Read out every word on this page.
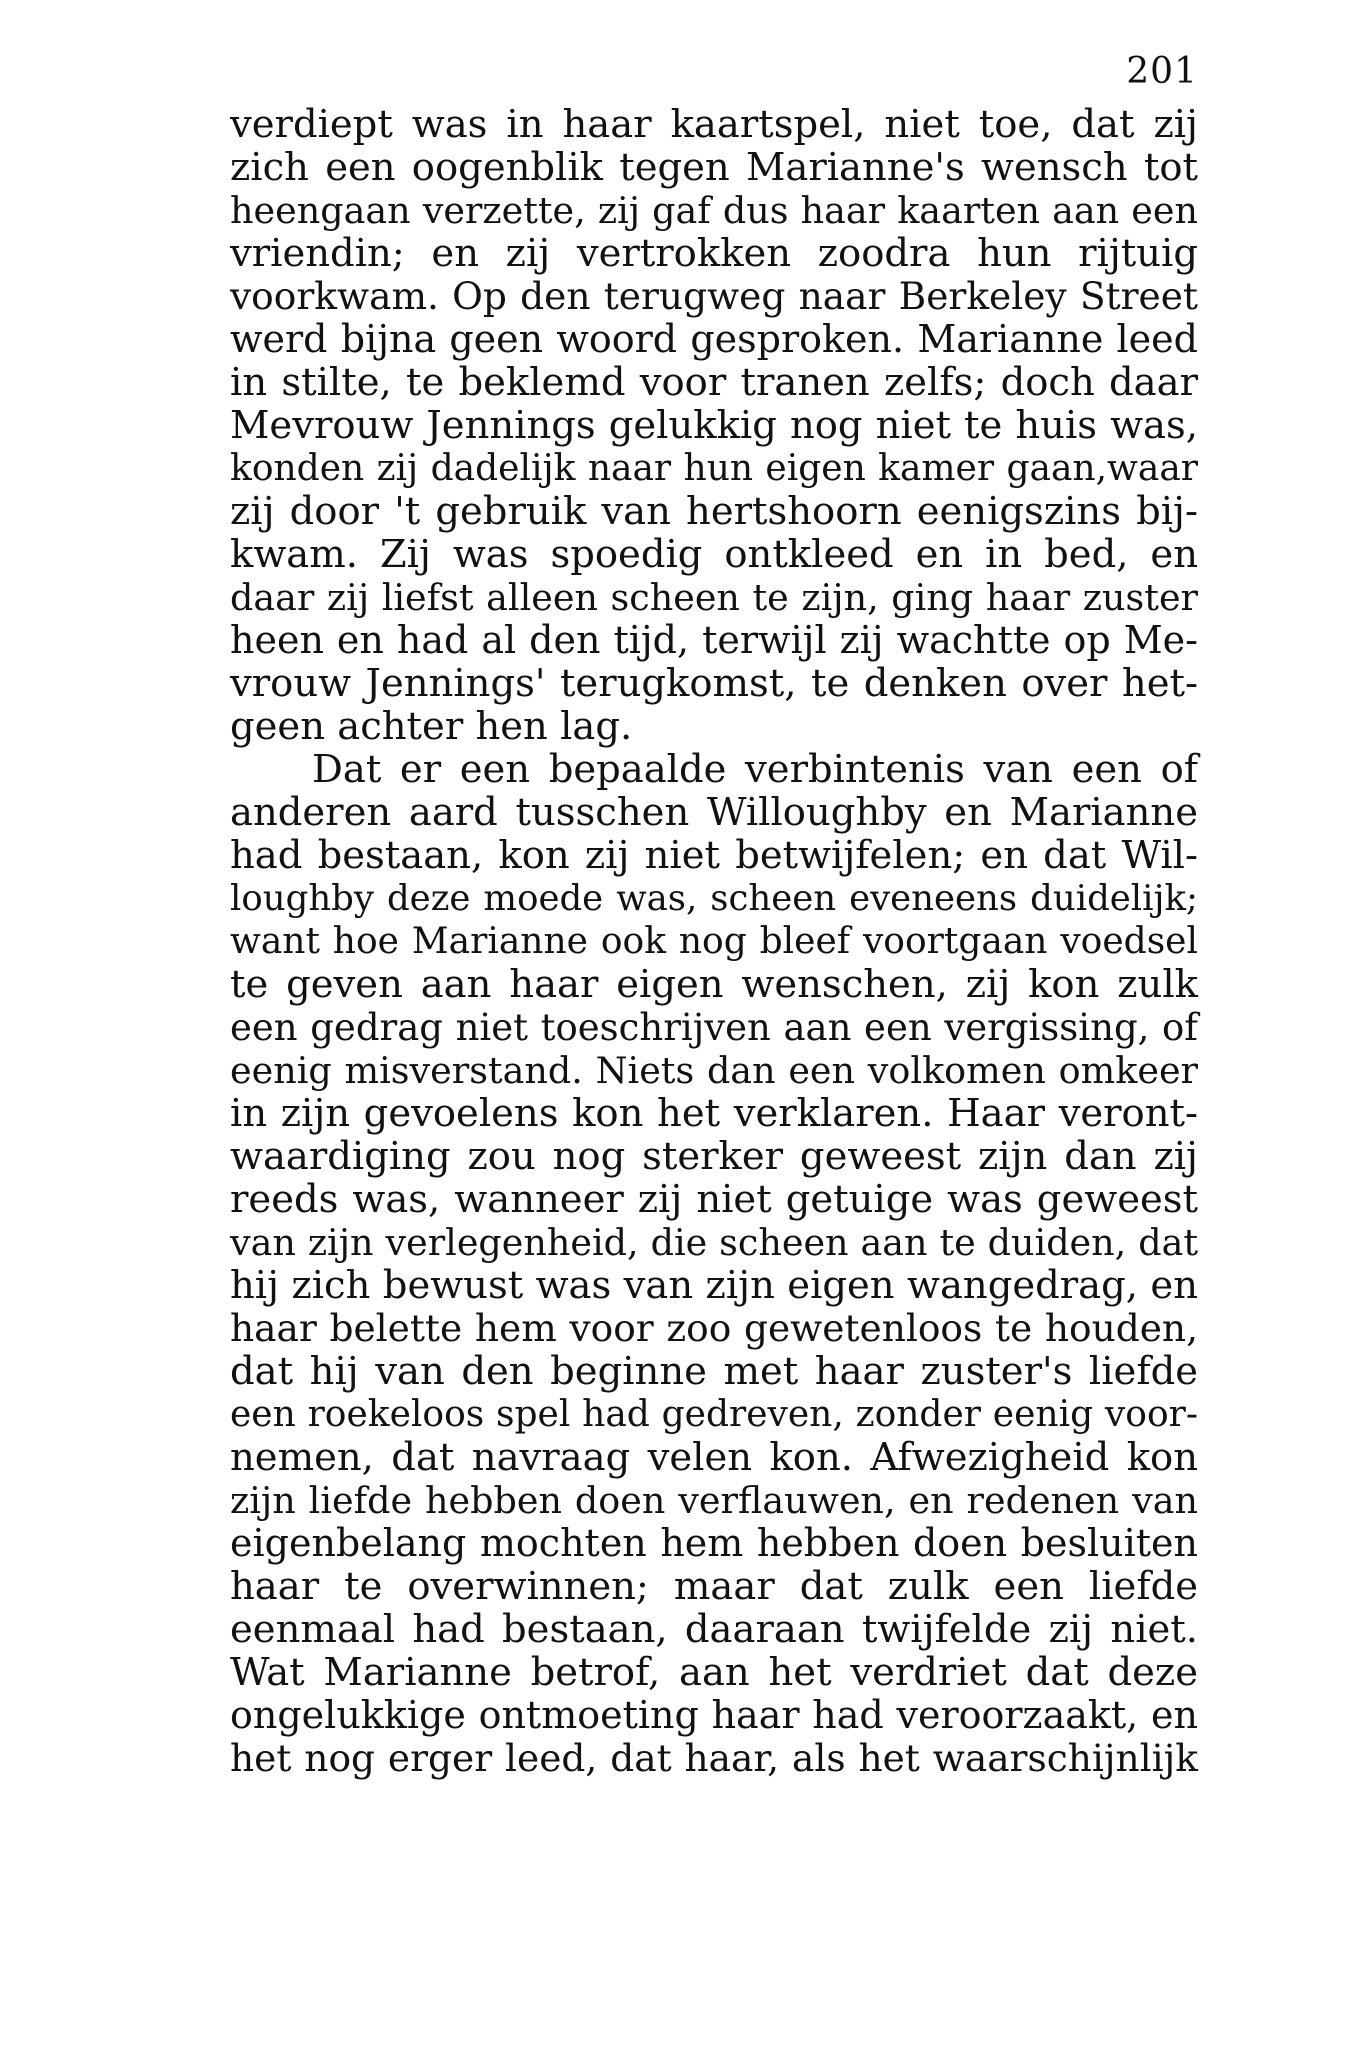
201
verdiept was in haar kaartspel, niet toe, dat zij
zich een oogenblik tegen Marianne's wensch tot
heengaan verzette, zij gaf dus haar kaarten aan een
vriendin; en zij vertrokken zoodra hun rijtuig
voorkwam. Op den terugweg naar Berkeley Street
werd bijna geen woord gesproken. Marianne leed
in stilte, te beklemd voor tranen zelfs; doch daar
Mevrouw Jennings gelukkig nog niet te huis was,
konden zij dadelijk naar hun eigen kamer gaan,waar
zij door 't gebruik van hertshoorn eenigszins bij-
kwam. Zij was spoedig ontkleed en in bed, en
daar zij liefst alleen scheen te zijn, ging haar zuster
heen en had al den tijd, terwijl zij wachtte op Me-
vrouw Jennings' terugkomst, te denken over het-
geen achter hen lag.
Dat er een bepaalde verbintenis van een of
anderen aard tusschen Willoughby en Marianne
had bestaan, kon zij niet betwijfelen; en dat Wil-
loughby deze moede was, scheen eveneens duidelijk;
want hoe Marianne ook nog bleef voortgaan voedsel
te geven aan haar eigen wenschen, zij kon zulk
een gedrag niet toeschrijven aan een vergissing, of
eenig misverstand. Niets dan een volkomen omkeer
in zijn gevoelens kon het verklaren. Haar veront-
waardiging zou nog sterker geweest zijn dan zij
reeds was, wanneer zij niet getuige was geweest
van zijn verlegenheid, die scheen aan te duiden, dat
hij zich bewust was van zijn eigen wangedrag, en
haar belette hem voor zoo gewetenloos te houden,
dat hij van den beginne met haar zuster's liefde
een roekeloos spel had gedreven, zonder eenig voor-
nemen, dat navraag velen kon. Afwezigheid kon
zijn liefde hebben doen verflauwen, en redenen van
eigenbelang mochten hem hebben doen besluiten
haar te overwinnen; maar dat zulk een liefde
eenmaal had bestaan, daaraan twijfelde zij niet.
Wat Marianne betrof, aan het verdriet dat deze
ongelukkige ontmoeting haar had veroorzaakt, en
het nog erger leed, dat haar, als het waarschijnlijk
